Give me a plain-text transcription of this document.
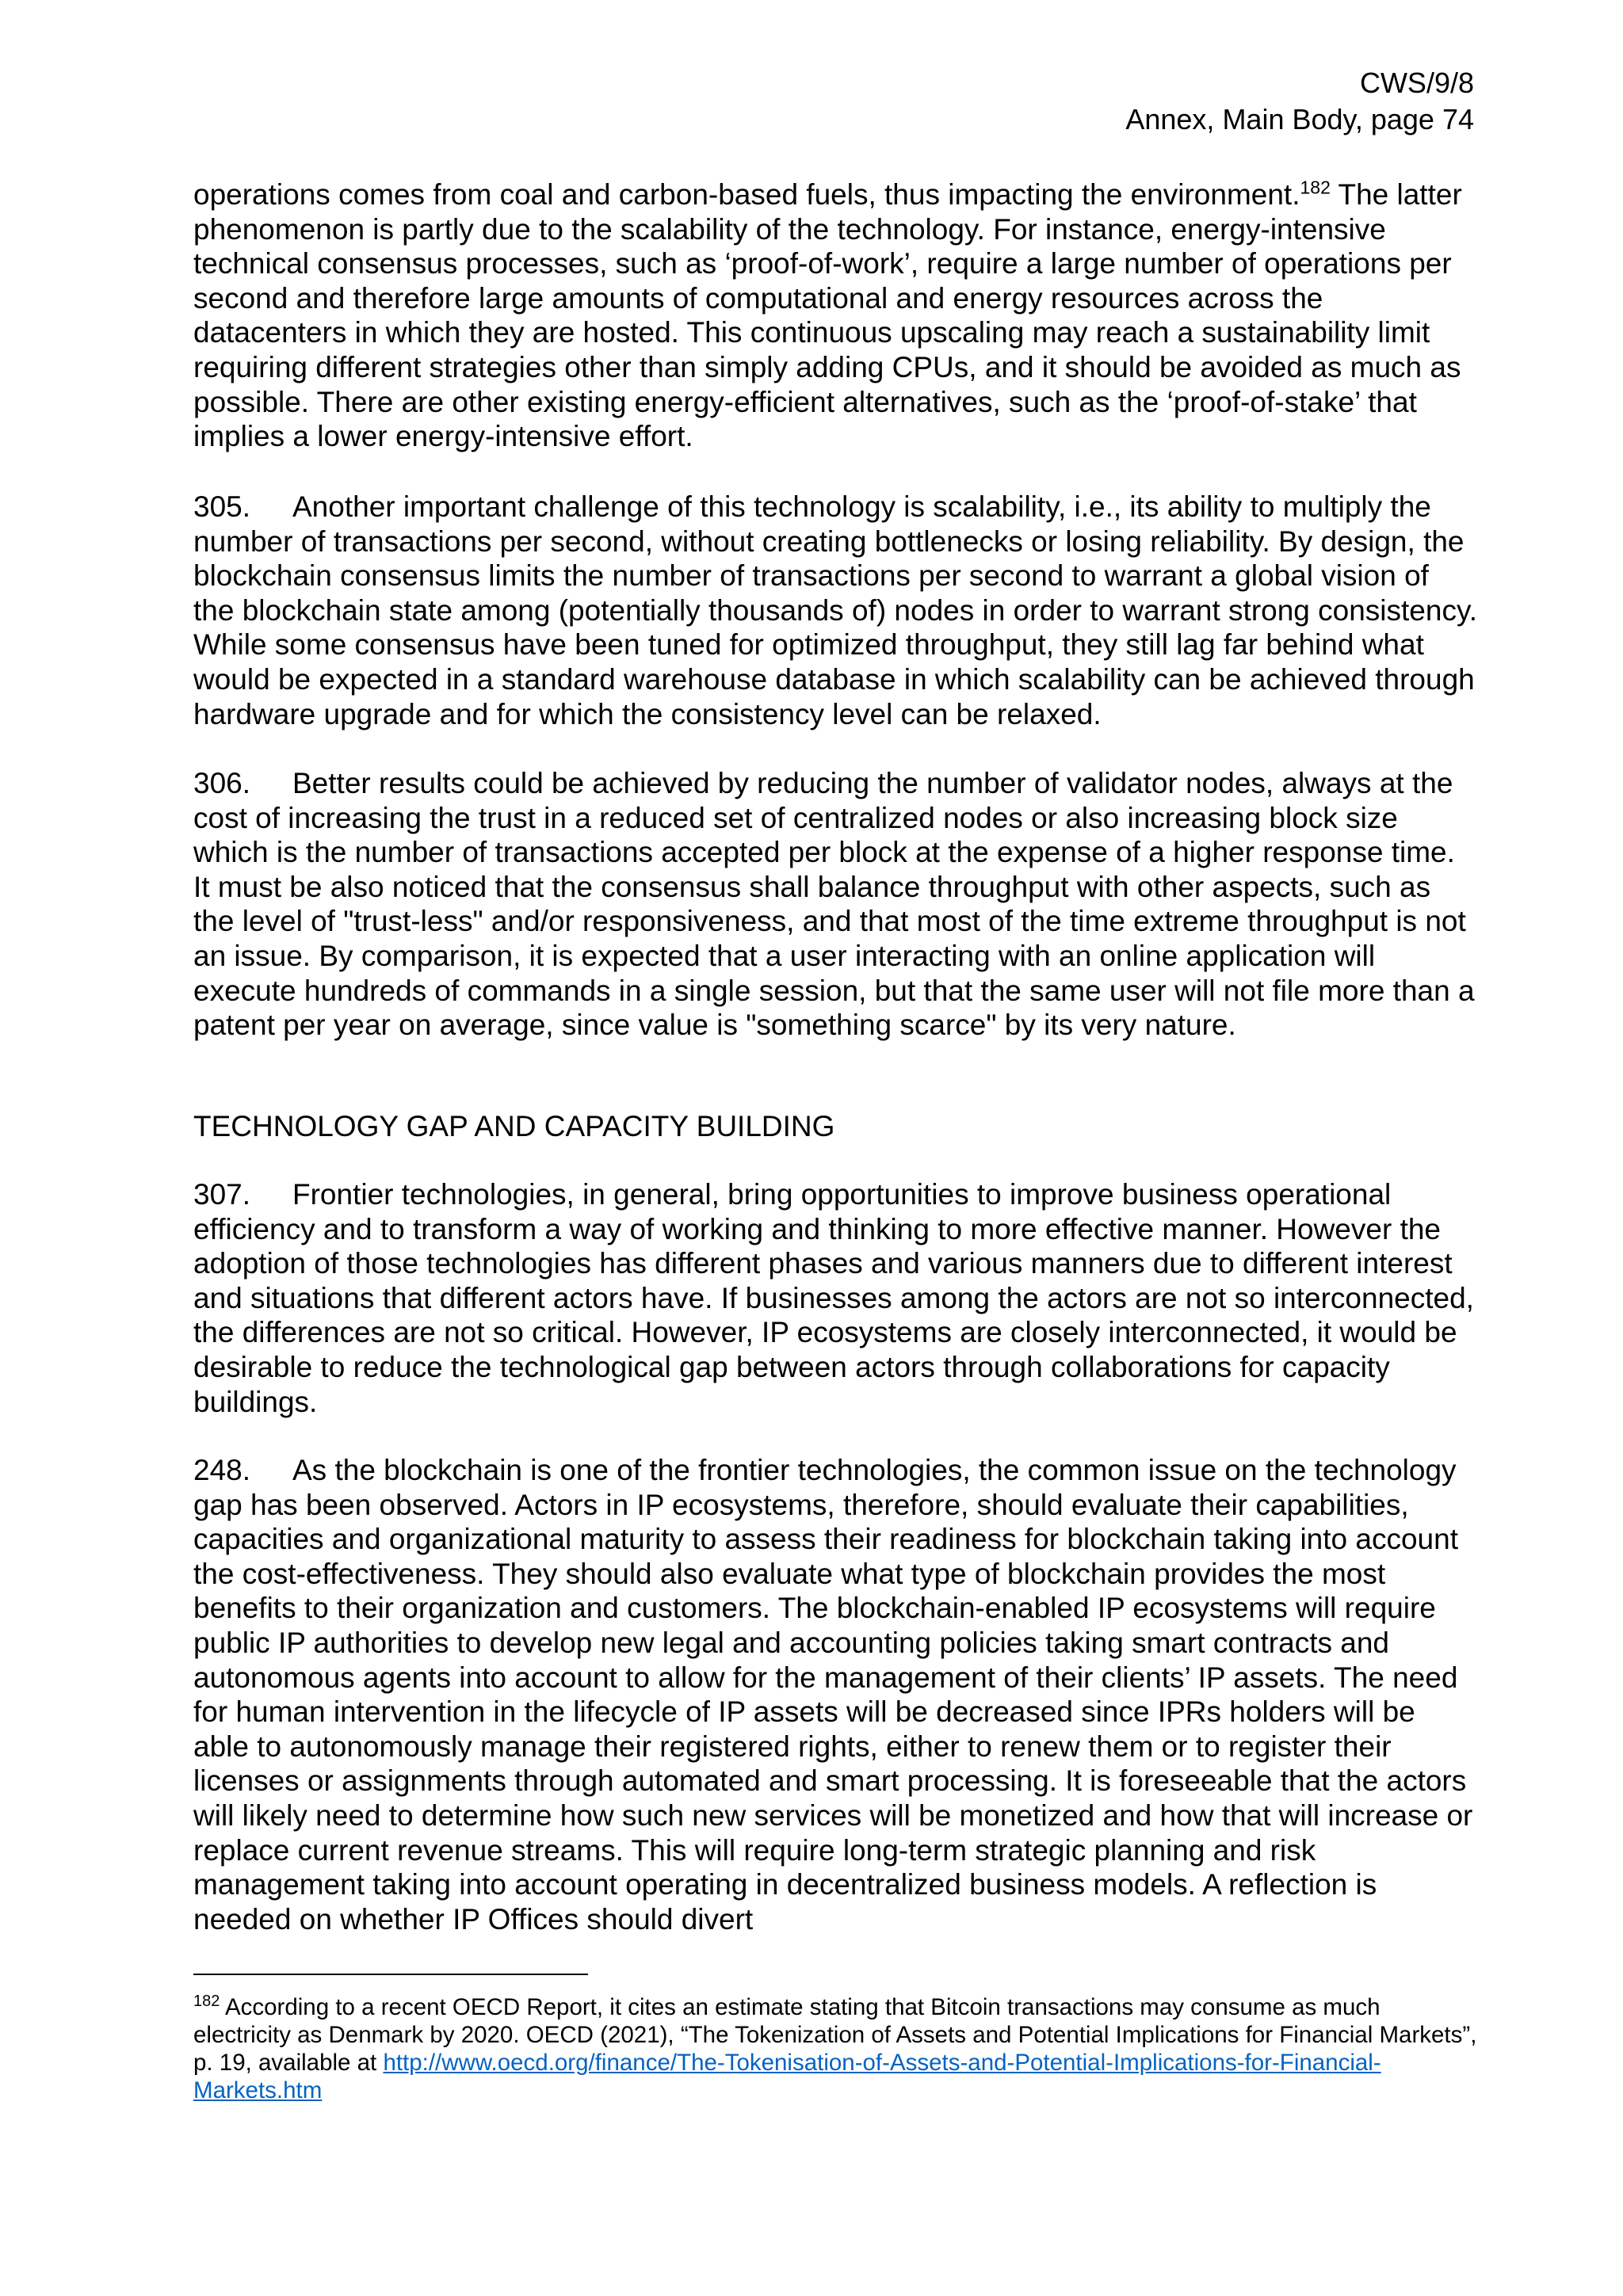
CWS/9/8
Annex, Main Body, page 74

operations comes from coal and carbon-based fuels, thus impacting the environment.$^{182}$ The latter phenomenon is partly due to the scalability of the technology. For instance, energy-intensive technical consensus processes, such as ‘proof-of-work’, require a large number of operations per second and therefore large amounts of computational and energy resources across the datacenters in which they are hosted. This continuous upscaling may reach a sustainability limit requiring different strategies other than simply adding CPUs, and it should be avoided as much as possible. There are other existing energy-efficient alternatives, such as the ‘proof-of-stake’ that implies a lower energy-intensive effort.

305. Another important challenge of this technology is scalability, i.e., its ability to multiply the number of transactions per second, without creating bottlenecks or losing reliability. By design, the blockchain consensus limits the number of transactions per second to warrant a global vision of the blockchain state among (potentially thousands of) nodes in order to warrant strong consistency. While some consensus have been tuned for optimized throughput, they still lag far behind what would be expected in a standard warehouse database in which scalability can be achieved through hardware upgrade and for which the consistency level can be relaxed.

306. Better results could be achieved by reducing the number of validator nodes, always at the cost of increasing the trust in a reduced set of centralized nodes or also increasing block size which is the number of transactions accepted per block at the expense of a higher response time. It must be also noticed that the consensus shall balance throughput with other aspects, such as the level of "trust-less" and/or responsiveness, and that most of the time extreme throughput is not an issue. By comparison, it is expected that a user interacting with an online application will execute hundreds of commands in a single session, but that the same user will not file more than a patent per year on average, since value is "something scarce" by its very nature.

TECHNOLOGY GAP AND CAPACITY BUILDING

307. Frontier technologies, in general, bring opportunities to improve business operational efficiency and to transform a way of working and thinking to more effective manner. However the adoption of those technologies has different phases and various manners due to different interest and situations that different actors have. If businesses among the actors are not so interconnected, the differences are not so critical. However, IP ecosystems are closely interconnected, it would be desirable to reduce the technological gap between actors through collaborations for capacity buildings.

248. As the blockchain is one of the frontier technologies, the common issue on the technology gap has been observed. Actors in IP ecosystems, therefore, should evaluate their capabilities, capacities and organizational maturity to assess their readiness for blockchain taking into account the cost-effectiveness. They should also evaluate what type of blockchain provides the most benefits to their organization and customers. The blockchain-enabled IP ecosystems will require public IP authorities to develop new legal and accounting policies taking smart contracts and autonomous agents into account to allow for the management of their clients’ IP assets. The need for human intervention in the lifecycle of IP assets will be decreased since IPRs holders will be able to autonomously manage their registered rights, either to renew them or to register their licenses or assignments through automated and smart processing. It is foreseeable that the actors will likely need to determine how such new services will be monetized and how that will increase or replace current revenue streams. This will require long-term strategic planning and risk management taking into account operating in decentralized business models. A reflection is needed on whether IP Offices should divert

$^{182}$ According to a recent OECD Report, it cites an estimate stating that Bitcoin transactions may consume as much electricity as Denmark by 2020. OECD (2021), “The Tokenization of Assets and Potential Implications for Financial Markets”, p. 19, available at http://www.oecd.org/finance/The-Tokenisation-of-Assets-and-Potential-Implications-for-Financial-Markets.htm
